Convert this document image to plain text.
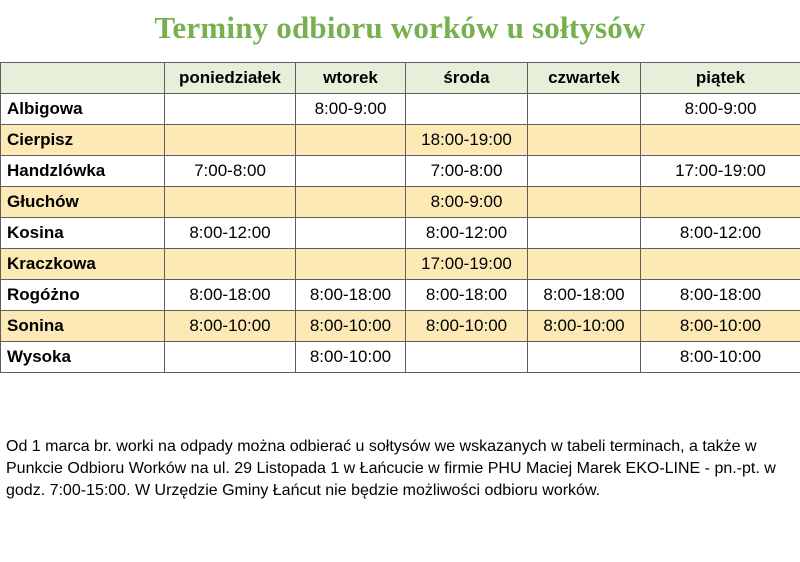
Terminy odbioru worków u sołtysów
	poniedziałek	wtorek	środa	czwartek	piątek
Albigowa		8:00-9:00			8:00-9:00
Cierpisz			18:00-19:00		
Handzlówka	7:00-8:00		7:00-8:00		17:00-19:00
Głuchów			8:00-9:00		
Kosina	8:00-12:00		8:00-12:00		8:00-12:00
Kraczkowa			17:00-19:00		
Rogóżno	8:00-18:00	8:00-18:00	8:00-18:00	8:00-18:00	8:00-18:00
Sonina	8:00-10:00	8:00-10:00	8:00-10:00	8:00-10:00	8:00-10:00
Wysoka		8:00-10:00			8:00-10:00

Od 1 marca br. worki na odpady można odbierać u sołtysów we wskazanych w tabeli terminach, a także w Punkcie Odbioru Worków na ul. 29 Listopada 1 w Łańcucie w firmie PHU Maciej Marek EKO-LINE - pn.-pt. w godz. 7:00-15:00. W Urzędzie Gminy Łańcut nie będzie możliwości odbioru worków.
